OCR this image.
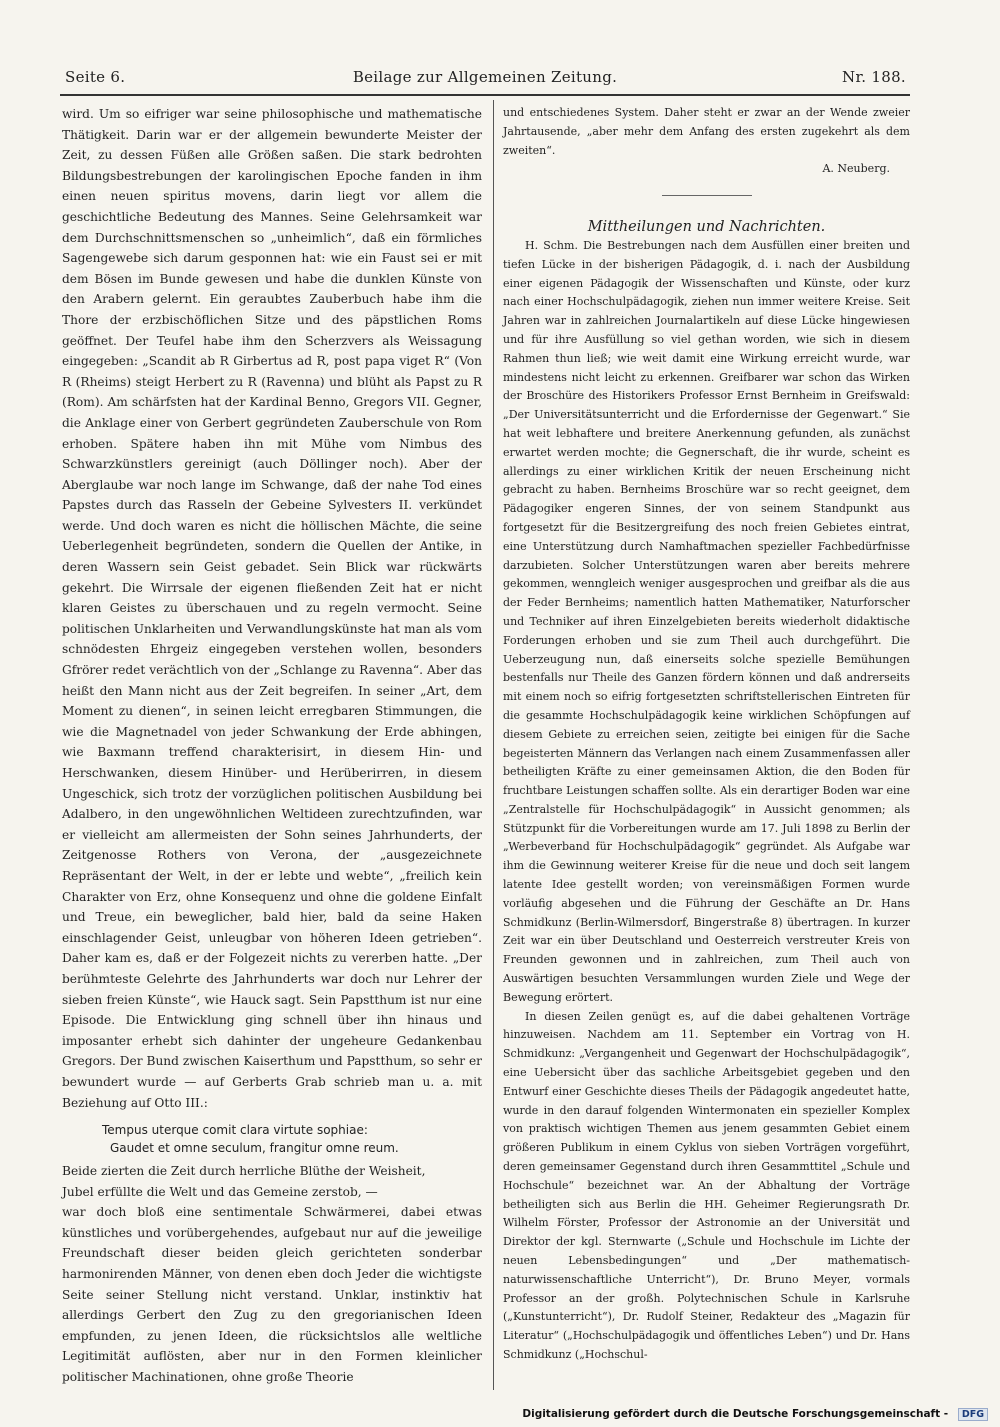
Seite 6.	Beilage zur Allgemeinen Zeitung.	Nr. 188.

wird. Um so eifriger war seine philosophische und mathematische Thätigkeit. Darin war er der allgemein bewunderte Meister der Zeit, zu dessen Füßen alle Größen saßen. Die stark bedrohten Bildungsbestrebungen der karolingischen Epoche fanden in ihm einen neuen spiritus movens, darin liegt vor allem die geschichtliche Bedeutung des Mannes. Seine Gelehrsamkeit war dem Durchschnittsmenschen so „unheimlich“, daß ein förmliches Sagengewebe sich darum gesponnen hat: wie ein Faust sei er mit dem Bösen im Bunde gewesen und habe die dunklen Künste von den Arabern gelernt. Ein geraubtes Zauberbuch habe ihm die Thore der erzbischöflichen Sitze und des päpstlichen Roms geöffnet. Der Teufel habe ihm den Scherzvers als Weissagung eingegeben: „Scandit ab R Girbertus ad R, post papa viget R“ (Von R (Rheims) steigt Herbert zu R (Ravenna) und blüht als Papst zu R (Rom). Am schärfsten hat der Kardinal Benno, Gregors VII. Gegner, die Anklage einer von Gerbert gegründeten Zauberschule von Rom erhoben. Spätere haben ihn mit Mühe vom Nimbus des Schwarzkünstlers gereinigt (auch Döllinger noch). Aber der Aberglaube war noch lange im Schwange, daß der nahe Tod eines Papstes durch das Rasseln der Gebeine Sylvesters II. verkündet werde. Und doch waren es nicht die höllischen Mächte, die seine Ueberlegenheit begründeten, sondern die Quellen der Antike, in deren Wassern sein Geist gebadet. Sein Blick war rückwärts gekehrt. Die Wirrsale der eigenen fließenden Zeit hat er nicht klaren Geistes zu überschauen und zu regeln vermocht. Seine politischen Unklarheiten und Verwandlungskünste hat man als vom schnödesten Ehrgeiz eingegeben verstehen wollen, besonders Gfrörer redet verächtlich von der „Schlange zu Ravenna“. Aber das heißt den Mann nicht aus der Zeit begreifen. In seiner „Art, dem Moment zu dienen“, in seinen leicht erregbaren Stimmungen, die wie die Magnetnadel von jeder Schwankung der Erde abhingen, wie Baxmann treffend charakterisirt, in diesem Hin- und Herschwanken, diesem Hinüber- und Herüberirren, in diesem Ungeschick, sich trotz der vorzüglichen politischen Ausbildung bei Adalbero, in den ungewöhnlichen Weltideen zurechtzufinden, war er vielleicht am allermeisten der Sohn seines Jahrhunderts, der Zeitgenosse Rothers von Verona, der „ausgezeichnete Repräsentant der Welt, in der er lebte und webte“, „freilich kein Charakter von Erz, ohne Konsequenz und ohne die goldene Einfalt und Treue, ein beweglicher, bald hier, bald da seine Haken einschlagender Geist, unleugbar von höheren Ideen getrieben“. Daher kam es, daß er der Folgezeit nichts zu vererben hatte. „Der berühmteste Gelehrte des Jahrhunderts war doch nur Lehrer der sieben freien Künste“, wie Hauck sagt. Sein Papstthum ist nur eine Episode. Die Entwicklung ging schnell über ihn hinaus und imposanter erhebt sich dahinter der ungeheure Gedankenbau Gregors. Der Bund zwischen Kaiserthum und Papstthum, so sehr er bewundert wurde — auf Gerberts Grab schrieb man u. a. mit Beziehung auf Otto III.:

Tempus uterque comit clara virtute sophiae:
Gaudet et omne seculum, frangitur omne reum.

Beide zierten die Zeit durch herrliche Blüthe der Weisheit,

Jubel erfüllte die Welt und das Gemeine zerstob, —

war doch bloß eine sentimentale Schwärmerei, dabei etwas künstliches und vorübergehendes, aufgebaut nur auf die jeweilige Freundschaft dieser beiden gleich gerichteten sonderbar harmonirenden Männer, von denen eben doch Jeder die wichtigste Seite seiner Stellung nicht verstand. Unklar, instinktiv hat allerdings Gerbert den Zug zu den gregorianischen Ideen empfunden, zu jenen Ideen, die rücksichtslos alle weltliche Legitimität auflösten, aber nur in den Formen kleinlicher politischer Machinationen, ohne große Theorie

und entschiedenes System. Daher steht er zwar an der Wende zweier Jahrtausende, „aber mehr dem Anfang des ersten zugekehrt als dem zweiten“.

A. Neuberg.

Mittheilungen und Nachrichten.

H. Schm. Die Bestrebungen nach dem Ausfüllen einer breiten und tiefen Lücke in der bisherigen Pädagogik, d. i. nach der Ausbildung einer eigenen Pädagogik der Wissenschaften und Künste, oder kurz nach einer Hochschulpädagogik, ziehen nun immer weitere Kreise. Seit Jahren war in zahlreichen Journalartikeln auf diese Lücke hingewiesen und für ihre Ausfüllung so viel gethan worden, wie sich in diesem Rahmen thun ließ; wie weit damit eine Wirkung erreicht wurde, war mindestens nicht leicht zu erkennen. Greifbarer war schon das Wirken der Broschüre des Historikers Professor Ernst Bernheim in Greifswald: „Der Universitätsunterricht und die Erfordernisse der Gegenwart.“ Sie hat weit lebhaftere und breitere Anerkennung gefunden, als zunächst erwartet werden mochte; die Gegnerschaft, die ihr wurde, scheint es allerdings zu einer wirklichen Kritik der neuen Erscheinung nicht gebracht zu haben. Bernheims Broschüre war so recht geeignet, dem Pädagogiker engeren Sinnes, der von seinem Standpunkt aus fortgesetzt für die Besitzergreifung des noch freien Gebietes eintrat, eine Unterstützung durch Namhaftmachen spezieller Fachbedürfnisse darzubieten. Solcher Unterstützungen waren aber bereits mehrere gekommen, wenngleich weniger ausgesprochen und greifbar als die aus der Feder Bernheims; namentlich hatten Mathematiker, Naturforscher und Techniker auf ihren Einzelgebieten bereits wiederholt didaktische Forderungen erhoben und sie zum Theil auch durchgeführt. Die Ueberzeugung nun, daß einerseits solche spezielle Bemühungen bestenfalls nur Theile des Ganzen fördern können und daß andrerseits mit einem noch so eifrig fortgesetzten schriftstellerischen Eintreten für die gesammte Hochschulpädagogik keine wirklichen Schöpfungen auf diesem Gebiete zu erreichen seien, zeitigte bei einigen für die Sache begeisterten Männern das Verlangen nach einem Zusammenfassen aller betheiligten Kräfte zu einer gemeinsamen Aktion, die den Boden für fruchtbare Leistungen schaffen sollte. Als ein derartiger Boden war eine „Zentralstelle für Hochschulpädagogik“ in Aussicht genommen; als Stützpunkt für die Vorbereitungen wurde am 17. Juli 1898 zu Berlin der „Werbeverband für Hochschulpädagogik“ gegründet. Als Aufgabe war ihm die Gewinnung weiterer Kreise für die neue und doch seit langem latente Idee gestellt worden; von vereinsmäßigen Formen wurde vorläufig abgesehen und die Führung der Geschäfte an Dr. Hans Schmidkunz (Berlin-Wilmersdorf, Bingerstraße 8) übertragen. In kurzer Zeit war ein über Deutschland und Oesterreich verstreuter Kreis von Freunden gewonnen und in zahlreichen, zum Theil auch von Auswärtigen besuchten Versammlungen wurden Ziele und Wege der Bewegung erörtert.

In diesen Zeilen genügt es, auf die dabei gehaltenen Vorträge hinzuweisen. Nachdem am 11. September ein Vortrag von H. Schmidkunz: „Vergangenheit und Gegenwart der Hochschulpädagogik“, eine Uebersicht über das sachliche Arbeitsgebiet gegeben und den Entwurf einer Geschichte dieses Theils der Pädagogik angedeutet hatte, wurde in den darauf folgenden Wintermonaten ein spezieller Komplex von praktisch wichtigen Themen aus jenem gesammten Gebiet einem größeren Publikum in einem Cyklus von sieben Vorträgen vorgeführt, deren gemeinsamer Gegenstand durch ihren Gesammttitel „Schule und Hochschule“ bezeichnet war. An der Abhaltung der Vorträge betheiligten sich aus Berlin die HH. Geheimer Regierungsrath Dr. Wilhelm Förster, Professor der Astronomie an der Universität und Direktor der kgl. Sternwarte („Schule und Hochschule im Lichte der neuen Lebensbedingungen“ und „Der mathematisch-naturwissenschaftliche Unterricht“), Dr. Bruno Meyer, vormals Professor an der großh. Polytechnischen Schule in Karlsruhe („Kunstunterricht“), Dr. Rudolf Steiner, Redakteur des „Magazin für Literatur“ („Hochschulpädagogik und öffentliches Leben“) und Dr. Hans Schmidkunz („Hochschul-

Digitalisierung gefördert durch die Deutsche Forschungsgemeinschaft - DFG
